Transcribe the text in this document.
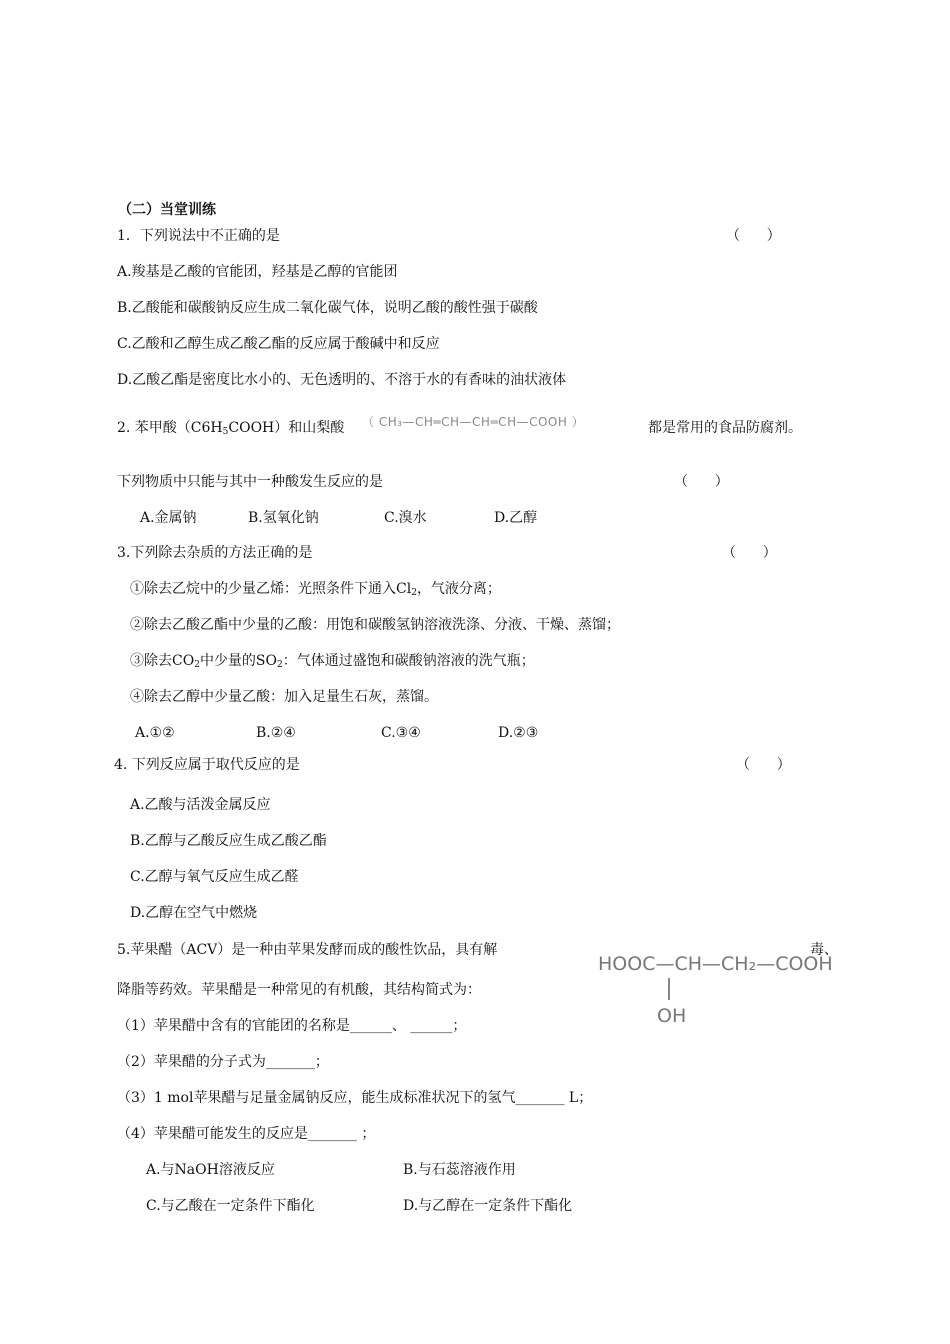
（二）当堂训练
1．下列说法中不正确的是	（      ）
A.羧基是乙酸的官能团，羟基是乙醇的官能团
B.乙酸能和碳酸钠反应生成二氧化碳气体，说明乙酸的酸性强于碳酸
C.乙酸和乙醇生成乙酸乙酯的反应属于酸碱中和反应
D.乙酸乙酯是密度比水小的、无色透明的、不溶于水的有香味的油状液体
2. 苯甲酸$(C6H_5COOH)$和山梨酸 （ CH₃—CH═CH—CH═CH—COOH ）	都是常用的食品防腐剂。
下列物质中只能与其中一种酸发生反应的是	（      ）
A.金属钠	B.氢氧化钠	C.溴水	D.乙醇
3.下列除去杂质的方法正确的是	（      ）
①除去乙烷中的少量乙烯：光照条件下通入$Cl_2$，气液分离；
②除去乙酸乙酯中少量的乙酸：用饱和碳酸氢钠溶液洗涤、分液、干燥、蒸馏；
③除去$CO_2$中少量的$SO_2$：气体通过盛饱和碳酸钠溶液的洗气瓶；
④除去乙醇中少量乙酸：加入足量生石灰，蒸馏。
A.①②	B.②④	C.③④	D.②③
4. 下列反应属于取代反应的是	（      ）
A.乙酸与活泼金属反应
B.乙醇与乙酸反应生成乙酸乙酯
C.乙醇与氧气反应生成乙醛
D.乙醇在空气中燃烧
5.苹果醋（ACV）是一种由苹果发酵而成的酸性饮品，具有解	毒、
降脂等药效。苹果醋是一种常见的有机酸，其结构简式为：
HOOC—CH—CH₂—COOH
OH
（1）苹果醋中含有的官能团的名称是______、 ______；
（2）苹果醋的分子式为_______；
（3）1 mol苹果醋与足量金属钠反应，能生成标准状况下的氢气_______ L；
（4）苹果醋可能发生的反应是_______ ；
A.与NaOH溶液反应	B.与石蕊溶液作用
C.与乙酸在一定条件下酯化	D.与乙醇在一定条件下酯化
